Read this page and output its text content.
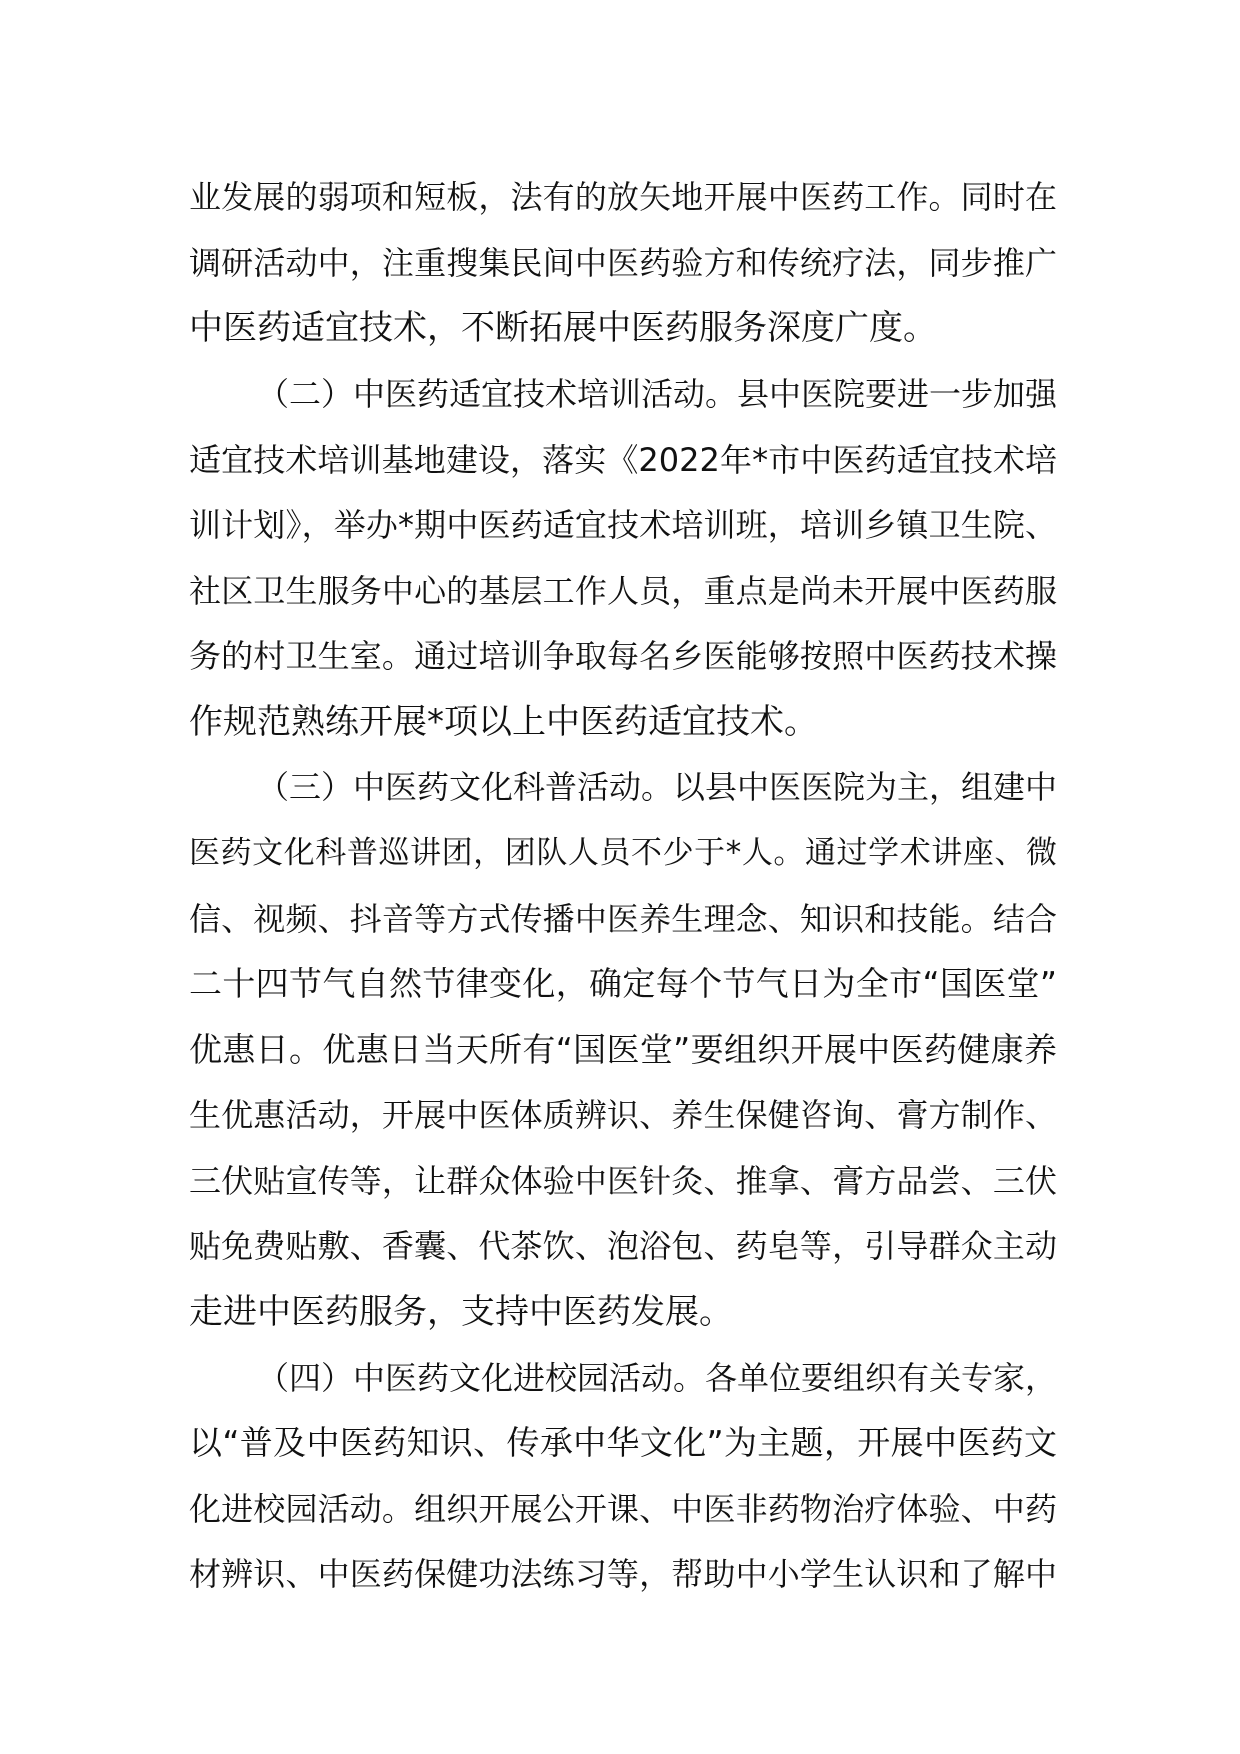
业发展的弱项和短板，法有的放矢地开展中医药工作。同时在
调研活动中，注重搜集民间中医药验方和传统疗法，同步推广
中医药适宜技术，不断拓展中医药服务深度广度。
（二）中医药适宜技术培训活动。县中医院要进一步加强
适宜技术培训基地建设，落实《2022年*市中医药适宜技术培
训计划》，举办*期中医药适宜技术培训班，培训乡镇卫生院、
社区卫生服务中心的基层工作人员，重点是尚未开展中医药服
务的村卫生室。通过培训争取每名乡医能够按照中医药技术操
作规范熟练开展*项以上中医药适宜技术。
（三）中医药文化科普活动。以县中医医院为主，组建中
医药文化科普巡讲团，团队人员不少于*人。通过学术讲座、微
信、视频、抖音等方式传播中医养生理念、知识和技能。结合
二十四节气自然节律变化，确定每个节气日为全市“国医堂”
优惠日。优惠日当天所有“国医堂”要组织开展中医药健康养
生优惠活动，开展中医体质辨识、养生保健咨询、膏方制作、
三伏贴宣传等，让群众体验中医针灸、推拿、膏方品尝、三伏
贴免费贴敷、香囊、代茶饮、泡浴包、药皂等，引导群众主动
走进中医药服务，支持中医药发展。
（四）中医药文化进校园活动。各单位要组织有关专家，
以“普及中医药知识、传承中华文化”为主题，开展中医药文
化进校园活动。组织开展公开课、中医非药物治疗体验、中药
材辨识、中医药保健功法练习等，帮助中小学生认识和了解中
